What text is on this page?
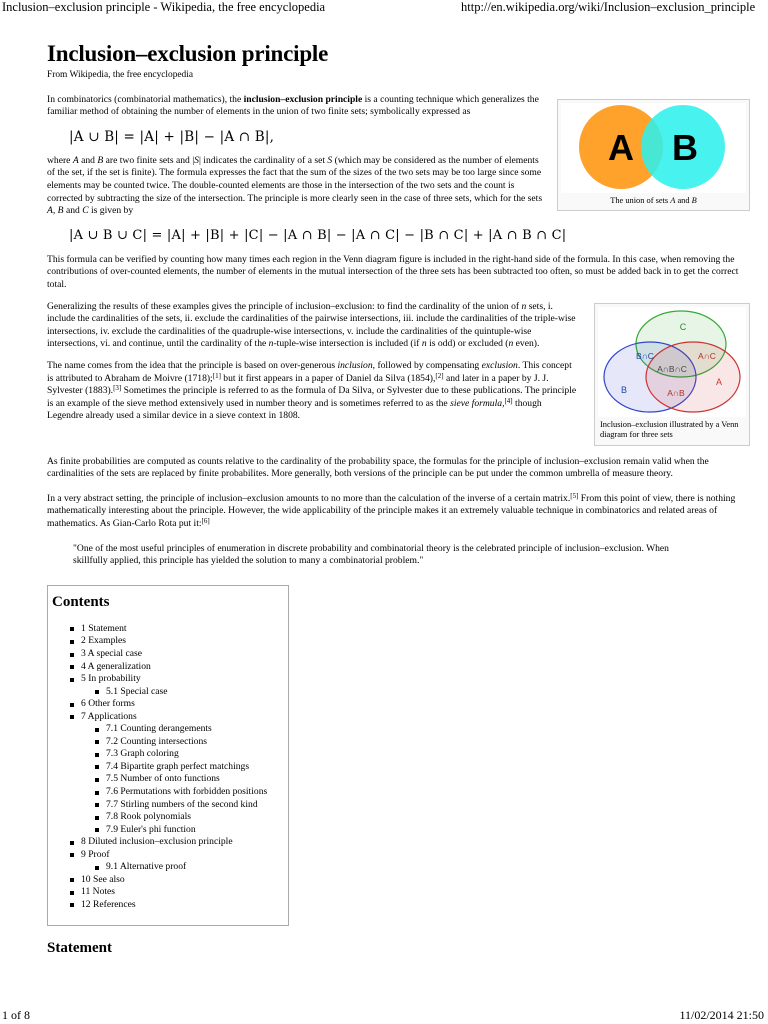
Inclusion–exclusion principle - Wikipedia, the free encyclopedia	http://en.wikipedia.org/wiki/Inclusion–exclusion_principle
Inclusion–exclusion principle
From Wikipedia, the free encyclopedia
A B
The union of sets A and B

In combinatorics (combinatorial mathematics), the inclusion–exclusion principle is a counting technique which generalizes the familiar method of obtaining the number of elements in the union of two finite sets; symbolically expressed as

|A ∪ B| = |A| + |B| − |A ∩ B|,

where A and B are two finite sets and |S| indicates the cardinality of a set S (which may be considered as the number of elements of the set, if the set is finite). The formula expresses the fact that the sum of the sizes of the two sets may be too large since some elements may be counted twice. The double-counted elements are those in the intersection of the two sets and the count is corrected by subtracting the size of the intersection. The principle is more clearly seen in the case of three sets, which for the sets A, B and C is given by

|A ∪ B ∪ C| = |A| + |B| + |C| − |A ∩ B| − |A ∩ C| − |B ∩ C| + |A ∩ B ∩ C|

This formula can be verified by counting how many times each region in the Venn diagram figure is included in the right-hand side of the formula. In this case, when removing the contributions of over-counted elements, the number of elements in the mutual intersection of the three sets has been subtracted too often, so must be added back in to get the correct total.

C
B∩C	A∩C
A∩B∩C
B
A
A∩B
Inclusion–exclusion illustrated by a Venn diagram for three sets

Generalizing the results of these examples gives the principle of inclusion–exclusion: to find the cardinality of the union of n sets, i. include the cardinalities of the sets, ii. exclude the cardinalities of the pairwise intersections, iii. include the cardinalities of the triple-wise intersections, iv. exclude the cardinalities of the quadruple-wise intersections, v. include the cardinalities of the quintuple-wise intersections, vi. and continue, until the cardinality of the n-tuple-wise intersection is included (if n is odd) or excluded (n even).

The name comes from the idea that the principle is based on over-generous inclusion, followed by compensating exclusion. This concept is attributed to Abraham de Moivre (1718);[1] but it first appears in a paper of Daniel da Silva (1854),[2] and later in a paper by J. J. Sylvester (1883).[3] Sometimes the principle is referred to as the formula of Da Silva, or Sylvester due to these publications. The principle is an example of the sieve method extensively used in number theory and is sometimes referred to as the sieve formula,[4] though Legendre already used a similar device in a sieve context in 1808.

As finite probabilities are computed as counts relative to the cardinality of the probability space, the formulas for the principle of inclusion–exclusion remain valid when the cardinalities of the sets are replaced by finite probabilites. More generally, both versions of the principle can be put under the common umbrella of measure theory.

In a very abstract setting, the principle of inclusion–exclusion amounts to no more than the calculation of the inverse of a certain matrix.[5] From this point of view, there is nothing mathematically interesting about the principle. However, the wide applicability of the principle makes it an extremely valuable technique in combinatorics and related areas of mathematics. As Gian-Carlo Rota put it:[6]

"One of the most useful principles of enumeration in discrete probability and combinatorial theory is the celebrated principle of inclusion–exclusion. When skillfully applied, this principle has yielded the solution to many a combinatorial problem."
Contents
1 Statement
2 Examples
3 A special case
4 A generalization
5 In probability
5.1 Special case
6 Other forms
7 Applications
7.1 Counting derangements
7.2 Counting intersections
7.3 Graph coloring
7.4 Bipartite graph perfect matchings
7.5 Number of onto functions
7.6 Permutations with forbidden positions
7.7 Stirling numbers of the second kind
7.8 Rook polynomials
7.9 Euler's phi function
8 Diluted inclusion–exclusion principle
9 Proof
9.1 Alternative proof
10 See also
11 Notes
12 References
Statement
1 of 8	11/02/2014 21:50
